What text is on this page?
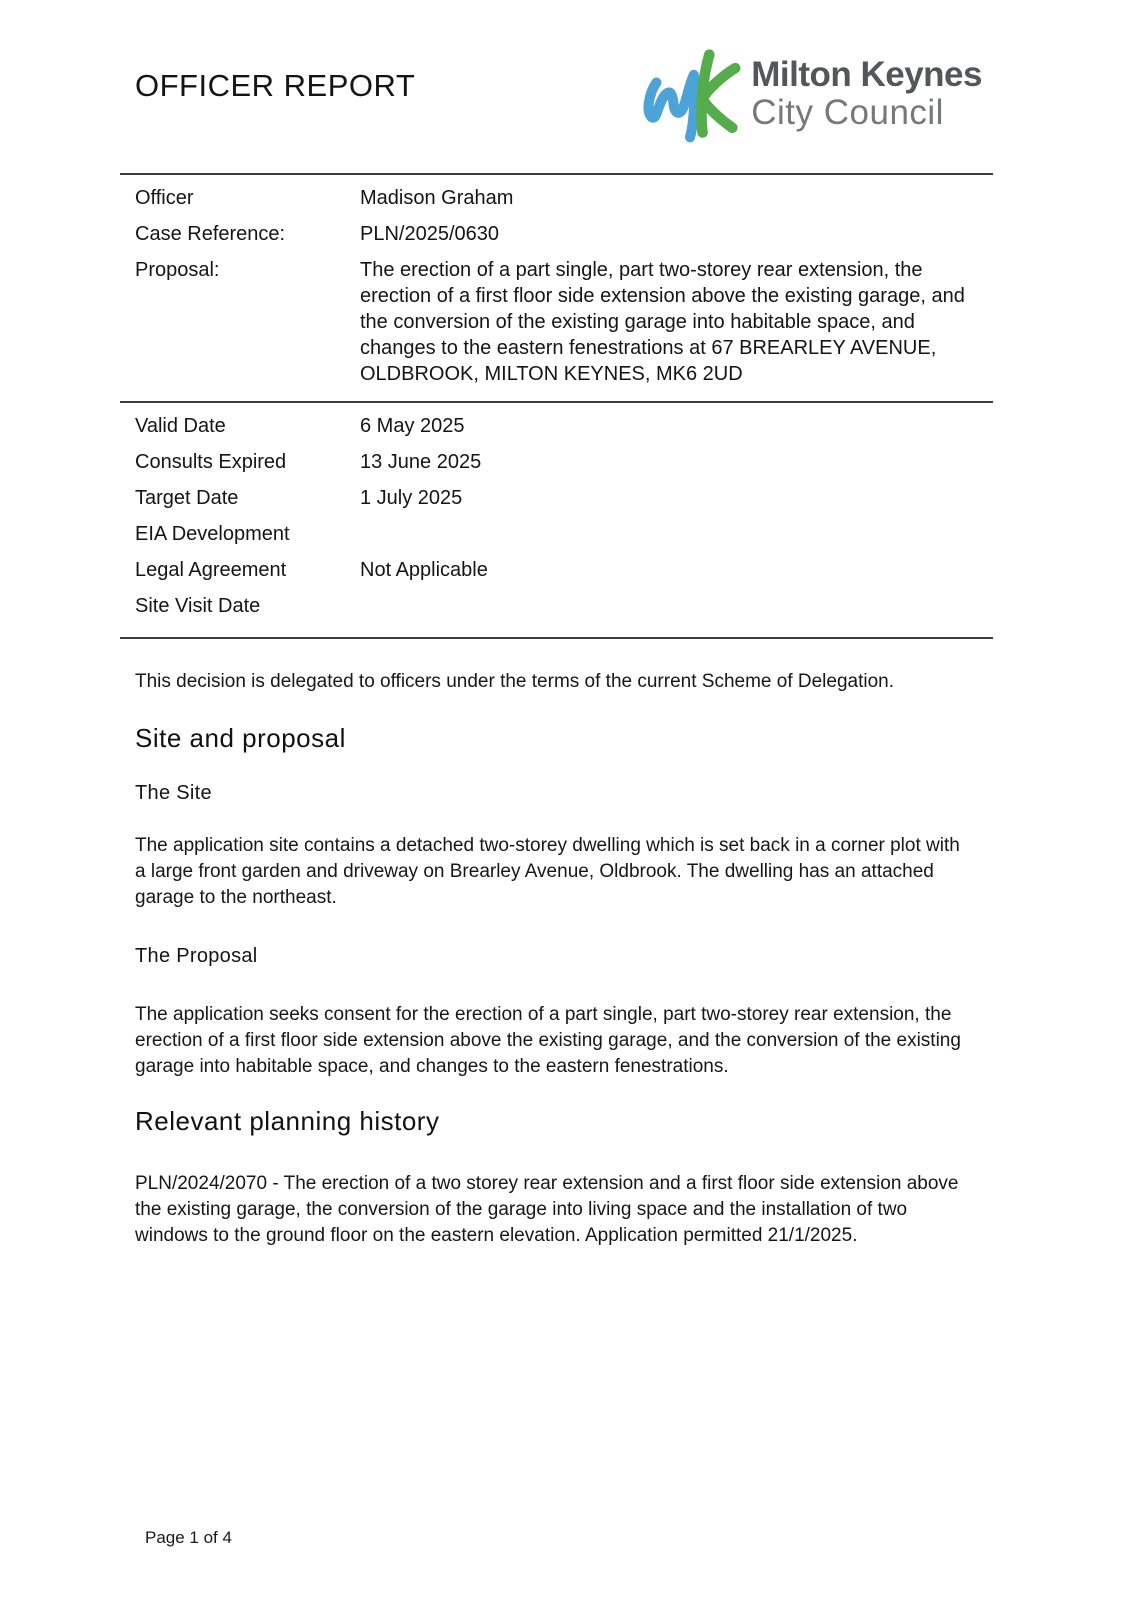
OFFICER REPORT	Milton Keynes
City Council
Officer	Madison Graham
Case Reference:	PLN/2025/0630
Proposal:	The erection of a part single, part two-storey rear extension, the erection of a first floor side extension above the existing garage, and the conversion of the existing garage into habitable space, and changes to the eastern fenestrations at 67 BREARLEY AVENUE, OLDBROOK, MILTON KEYNES, MK6 2UD
Valid Date	6 May 2025
Consults Expired	13 June 2025
Target Date	1 July 2025
EIA Development
Legal Agreement	Not Applicable
Site Visit Date

This decision is delegated to officers under the terms of the current Scheme of Delegation.

Site and proposal
The Site

The application site contains a detached two-storey dwelling which is set back in a corner plot with a large front garden and driveway on Brearley Avenue, Oldbrook. The dwelling has an attached garage to the northeast.

The Proposal

The application seeks consent for the erection of a part single, part two-storey rear extension, the erection of a first floor side extension above the existing garage, and the conversion of the existing garage into habitable space, and changes to the eastern fenestrations.

Relevant planning history

PLN/2024/2070 - The erection of a two storey rear extension and a first floor side extension above the existing garage, the conversion of the garage into living space and the installation of two windows to the ground floor on the eastern elevation. Application permitted 21/1/2025.

Page 1 of 4
